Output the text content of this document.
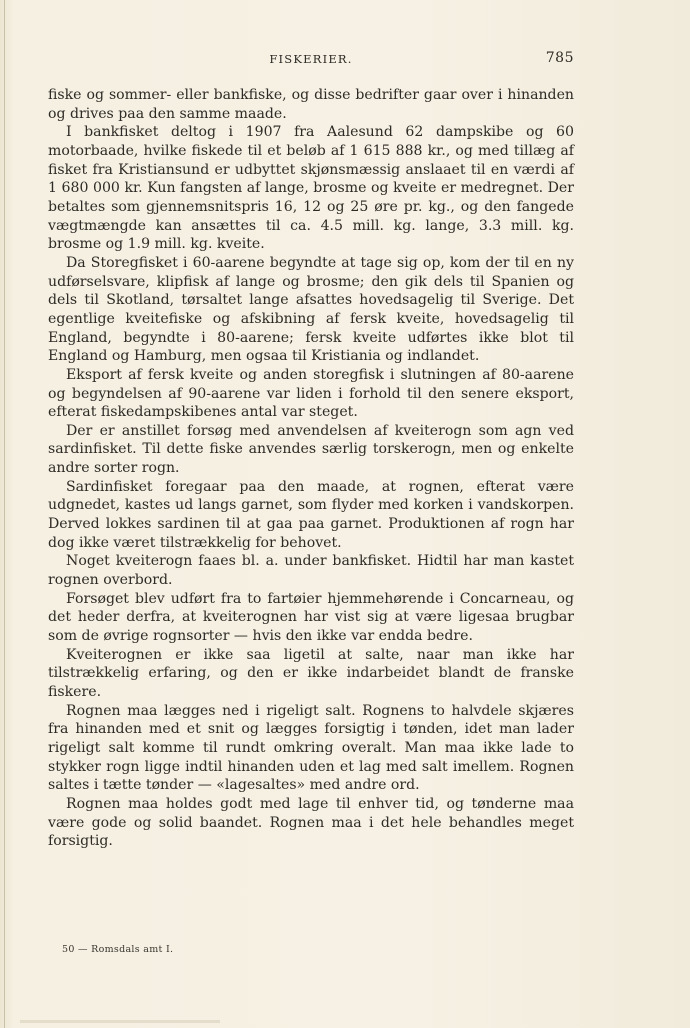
FISKERIER.	785

fiske og sommer- eller bankfiske, og disse bedrifter gaar over i hinanden og drives paa den samme maade.

I bankfisket deltog i 1907 fra Aalesund 62 dampskibe og 60 motorbaade, hvilke fiskede til et beløb af 1 615 888 kr., og med tillæg af fisket fra Kristiansund er udbyttet skjønsmæssig anslaaet til en værdi af 1 680 000 kr. Kun fangsten af lange, brosme og kveite er medregnet. Der betaltes som gjennemsnitspris 16, 12 og 25 øre pr. kg., og den fangede vægtmængde kan ansættes til ca. 4.5 mill. kg. lange, 3.3 mill. kg. brosme og 1.9 mill. kg. kveite.

Da Storegfisket i 60-aarene begyndte at tage sig op, kom der til en ny udførselsvare, klipfisk af lange og brosme; den gik dels til Spanien og dels til Skotland, tørsaltet lange afsattes hovedsagelig til Sverige. Det egentlige kveitefiske og afskibning af fersk kveite, hovedsagelig til England, begyndte i 80-aarene; fersk kveite udførtes ikke blot til England og Hamburg, men ogsaa til Kristiania og indlandet.

Eksport af fersk kveite og anden storegfisk i slutningen af 80-aarene og begyndelsen af 90-aarene var liden i forhold til den senere eksport, efterat fiskedampskibenes antal var steget.

Der er anstillet forsøg med anvendelsen af kveiterogn som agn ved sardinfisket. Til dette fiske anvendes særlig torskerogn, men og enkelte andre sorter rogn.

Sardinfisket foregaar paa den maade, at rognen, efterat være udgnedet, kastes ud langs garnet, som flyder med korken i vandskorpen. Derved lokkes sardinen til at gaa paa garnet. Produktionen af rogn har dog ikke været tilstrækkelig for behovet.

Noget kveiterogn faaes bl. a. under bankfisket. Hidtil har man kastet rognen overbord.

Forsøget blev udført fra to fartøier hjemmehørende i Concarneau, og det heder derfra, at kveiterognen har vist sig at være ligesaa brugbar som de øvrige rognsorter — hvis den ikke var endda bedre.

Kveiterognen er ikke saa ligetil at salte, naar man ikke har tilstrækkelig erfaring, og den er ikke indarbeidet blandt de franske fiskere.

Rognen maa lægges ned i rigeligt salt. Rognens to halvdele skjæres fra hinanden med et snit og lægges forsigtig i tønden, idet man lader rigeligt salt komme til rundt omkring overalt. Man maa ikke lade to stykker rogn ligge indtil hinanden uden et lag med salt imellem. Rognen saltes i tætte tønder — «lagesaltes» med andre ord.

Rognen maa holdes godt med lage til enhver tid, og tønderne maa være gode og solid baandet. Rognen maa i det hele behandles meget forsigtig.

50 — Romsdals amt I.
